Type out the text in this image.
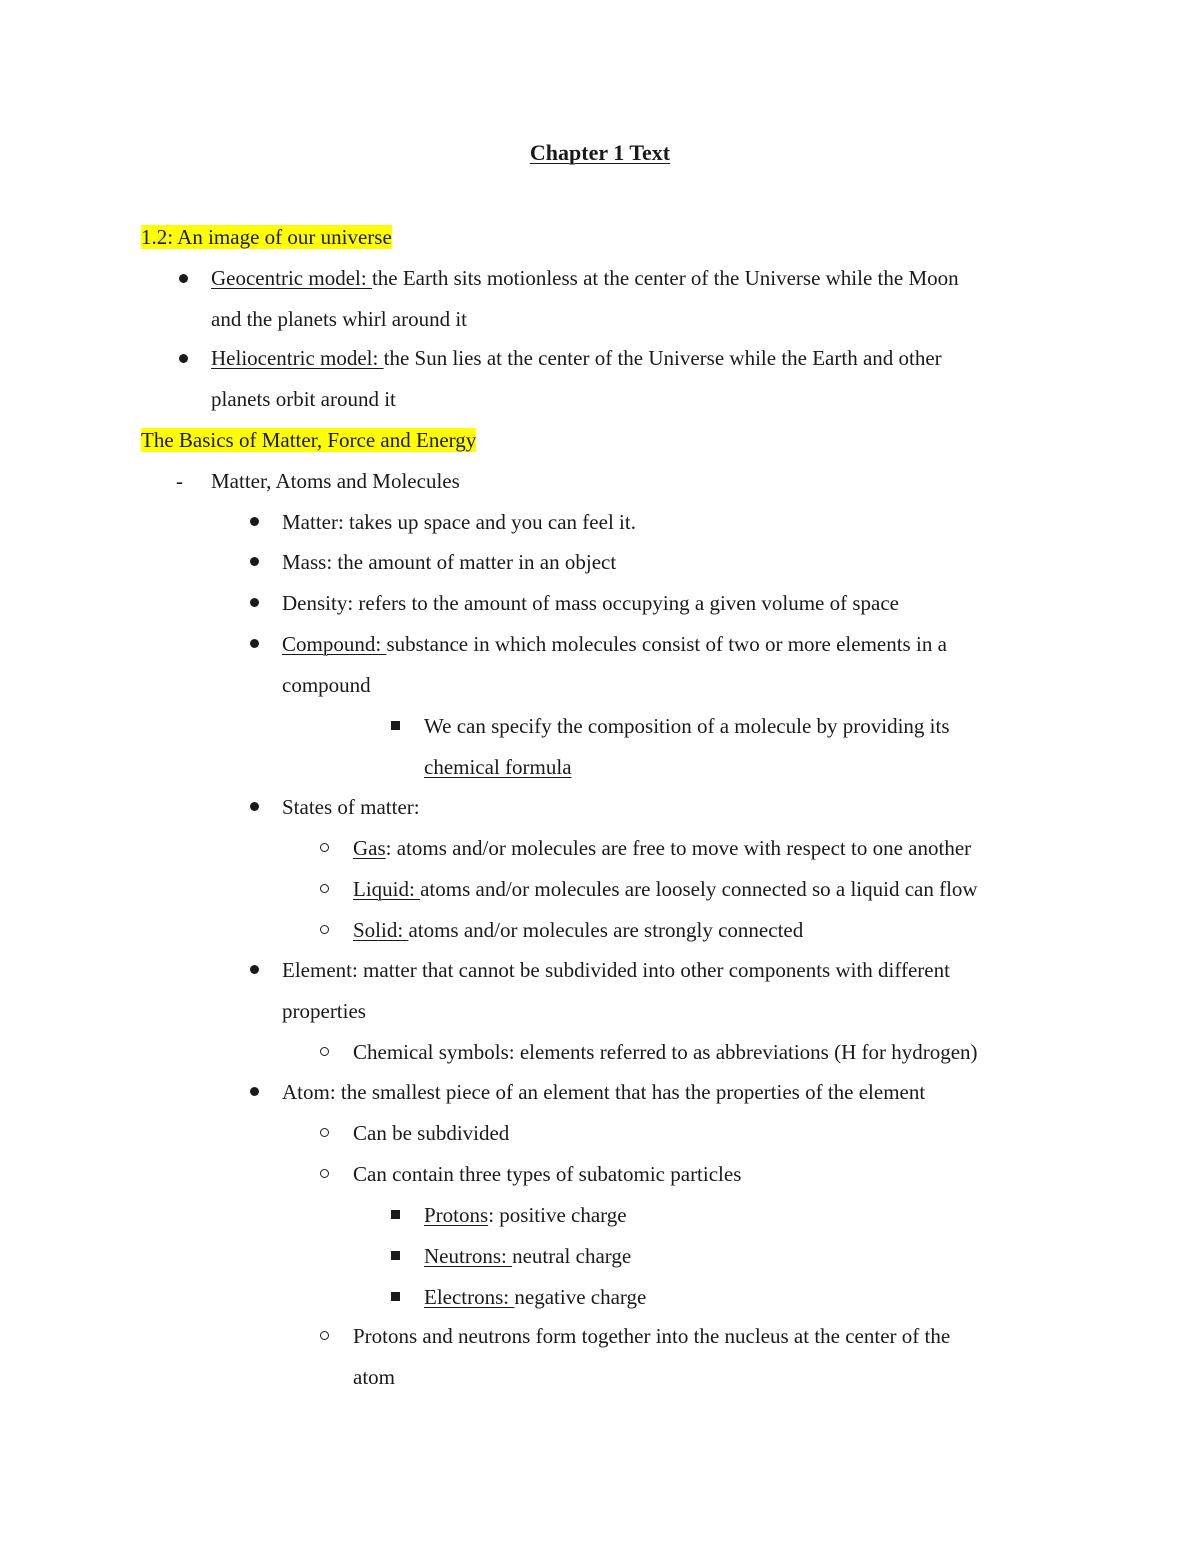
Chapter 1 Text
1.2: An image of our universe
Geocentric model: the Earth sits motionless at the center of the Universe while the Moon
and the planets whirl around it
Heliocentric model: the Sun lies at the center of the Universe while the Earth and other
planets orbit around it
The Basics of Matter, Force and Energy
- Matter, Atoms and Molecules
Matter: takes up space and you can feel it.
Mass: the amount of matter in an object
Density: refers to the amount of mass occupying a given volume of space
Compound: substance in which molecules consist of two or more elements in a
compound
We can specify the composition of a molecule by providing its
chemical formula
States of matter:
Gas: atoms and/or molecules are free to move with respect to one another
Liquid: atoms and/or molecules are loosely connected so a liquid can flow
Solid: atoms and/or molecules are strongly connected
Element: matter that cannot be subdivided into other components with different
properties
Chemical symbols: elements referred to as abbreviations (H for hydrogen)
Atom: the smallest piece of an element that has the properties of the element
Can be subdivided
Can contain three types of subatomic particles
Protons: positive charge
Neutrons: neutral charge
Electrons: negative charge
Protons and neutrons form together into the nucleus at the center of the
atom
